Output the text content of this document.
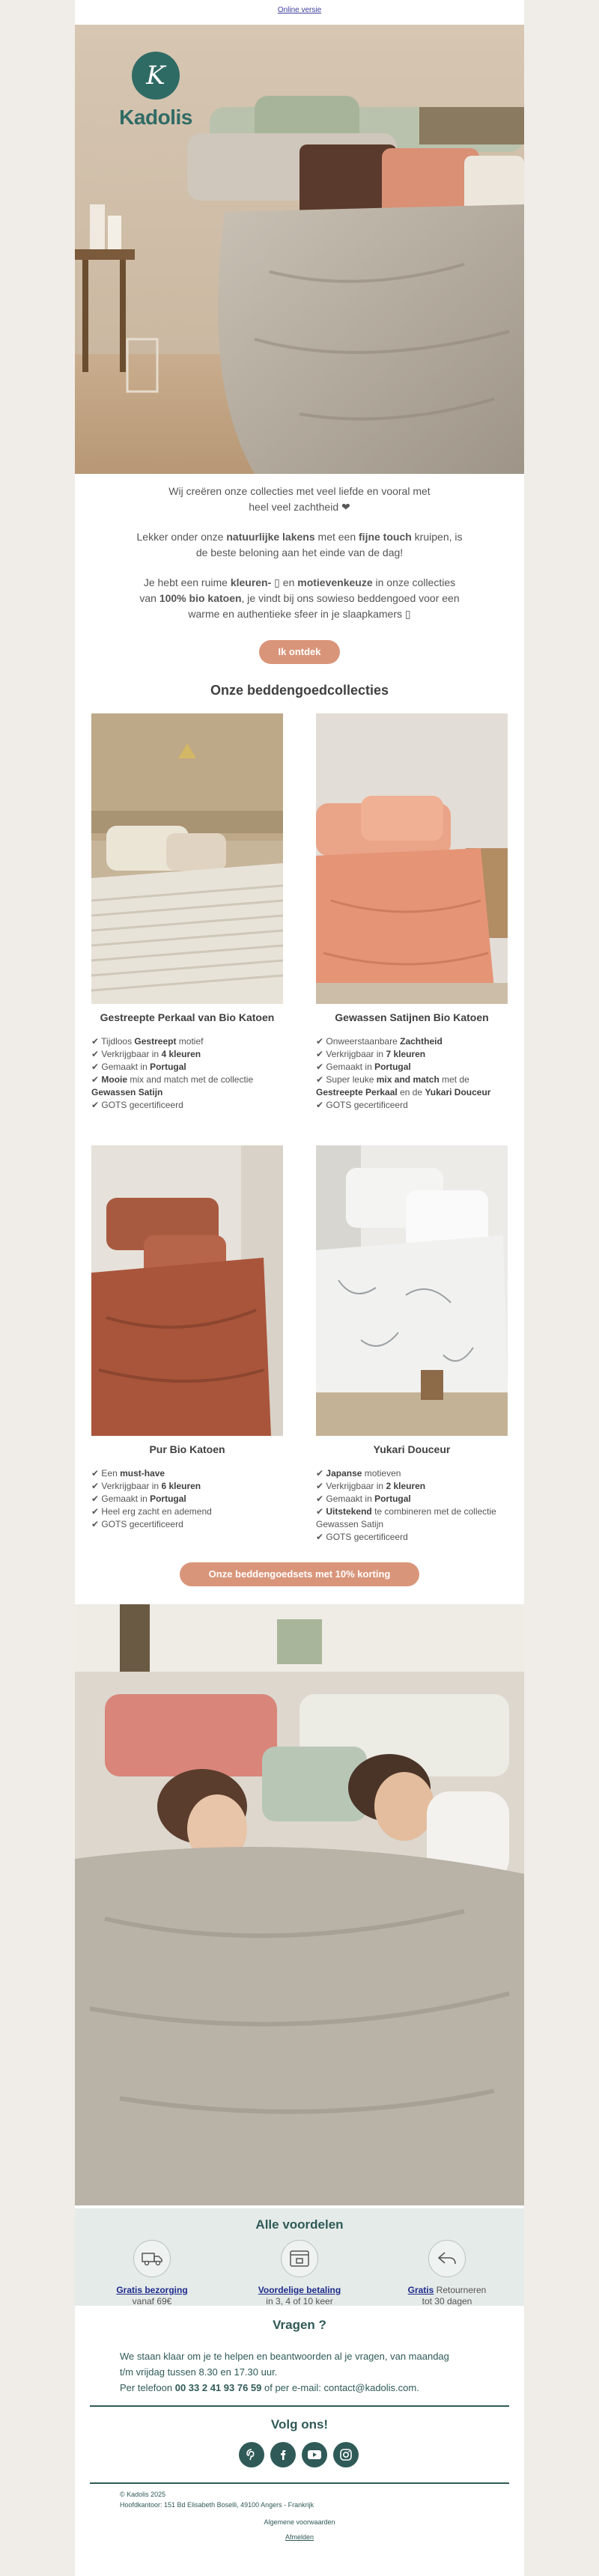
Online versie
K
Kadolis
Wij creëren onze collecties met veel liefde en vooral met
heel veel zachtheid ❤
Lekker onder onze natuurlijke lakens met een fijne touch kruipen, is
de beste beloning aan het einde van de dag!
Je hebt een ruime kleuren- ▯ en motievenkeuze in onze collecties
van 100% bio katoen, je vindt bij ons sowieso beddengoed voor een
warme en authentieke sfeer in je slaapkamers ▯
Ik ontdek
Onze beddengoedcollecties
Gestreepte Perkaal van Bio Katoen
✔ Tijdloos Gestreept motief
✔ Verkrijgbaar in 4 kleuren
✔ Gemaakt in Portugal
✔ Mooie mix and match met de collectie
Gewassen Satijn
✔ GOTS gecertificeerd
Gewassen Satijnen Bio Katoen
✔ Onweerstaanbare Zachtheid
✔ Verkrijgbaar in 7 kleuren
✔ Gemaakt in Portugal
✔ Super leuke mix and match met de
Gestreepte Perkaal en de Yukari Douceur
✔ GOTS gecertificeerd
Pur Bio Katoen
✔ Een must-have
✔ Verkrijgbaar in 6 kleuren
✔ Gemaakt in Portugal
✔ Heel erg zacht en ademend
✔ GOTS gecertificeerd
Yukari Douceur
✔ Japanse motieven
✔ Verkrijgbaar in 2 kleuren
✔ Gemaakt in Portugal
✔ Uitstekend te combineren met de collectie
Gewassen Satijn
✔ GOTS gecertificeerd
Onze beddengoedsets met 10% korting
Alle voordelen
Gratis bezorging
vanaf 69€
Voordelige betaling
in 3, 4 of 10 keer
Gratis Retourneren
tot 30 dagen
Vragen ?
We staan klaar om je te helpen en beantwoorden al je vragen, van maandag
t/m vrijdag tussen 8.30 en 17.30 uur.
Per telefoon 00 33 2 41 93 76 59 of per e-mail: contact@kadolis.com.
Volg ons!
© Kadolis 2025
Hoofdkantoor: 151 Bd Elisabeth Boselli, 49100 Angers - Frankrijk
Algemene voorwaarden
Afmelden
